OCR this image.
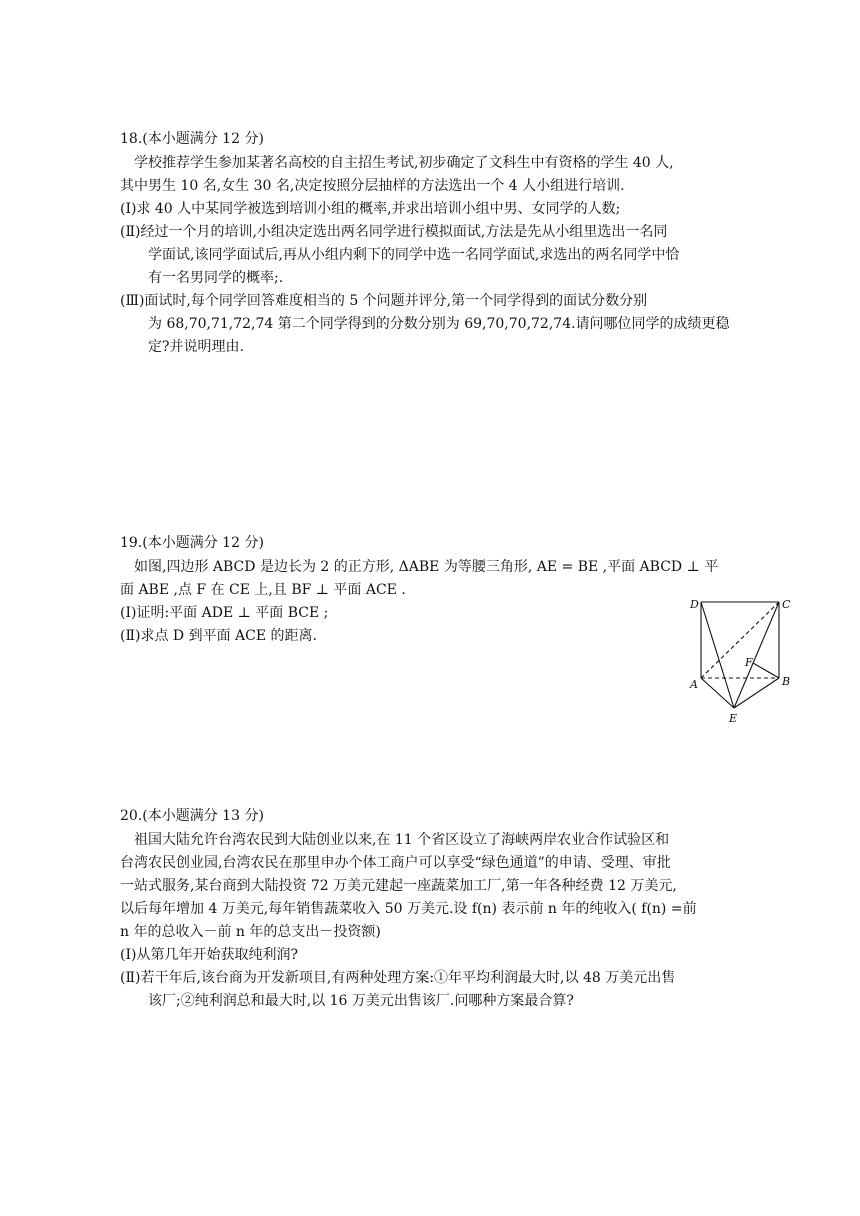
18.(本小题满分 12 分)
学校推荐学生参加某著名高校的自主招生考试,初步确定了文科生中有资格的学生 40 人,
其中男生 10 名,女生 30 名,决定按照分层抽样的方法选出一个 4 人小组进行培训.
(Ⅰ)求 40 人中某同学被选到培训小组的概率,并求出培训小组中男、女同学的人数;
(Ⅱ)经过一个月的培训,小组决定选出两名同学进行模拟面试,方法是先从小组里选出一名同
学面试,该同学面试后,再从小组内剩下的同学中选一名同学面试,求选出的两名同学中恰
有一名男同学的概率;.
(Ⅲ)面试时,每个同学回答难度相当的 5 个问题并评分,第一个同学得到的面试分数分别
为 68,70,71,72,74 第二个同学得到的分数分别为 69,70,70,72,74.请问哪位同学的成绩更稳
定?并说明理由.
19.(本小题满分 12 分)
如图,四边形 ABCD 是边长为 2 的正方形, ΔABE 为等腰三角形, AE = BE ,平面 ABCD ⊥ 平
面 ABE ,点 F 在 CE 上,且 BF ⊥ 平面 ACE .
(Ⅰ)证明:平面 ADE ⊥ 平面 BCE ;
(Ⅱ)求点 D 到平面 ACE 的距离.
D	C
F
A	B
E
20.(本小题满分 13 分)
祖国大陆允许台湾农民到大陆创业以来,在 11 个省区设立了海峡两岸农业合作试验区和
台湾农民创业园,台湾农民在那里申办个体工商户可以享受“绿色通道”的申请、受理、审批
一站式服务,某台商到大陆投资 72 万美元建起一座蔬菜加工厂,第一年各种经费 12 万美元,
以后每年增加 4 万美元,每年销售蔬菜收入 50 万美元.设 f(n) 表示前 n 年的纯收入( f(n) =前
n 年的总收入－前 n 年的总支出－投资额)
(Ⅰ)从第几年开始获取纯利润?
(Ⅱ)若干年后,该台商为开发新项目,有两种处理方案:①年平均利润最大时,以 48 万美元出售
该厂;②纯利润总和最大时,以 16 万美元出售该厂.问哪种方案最合算?
